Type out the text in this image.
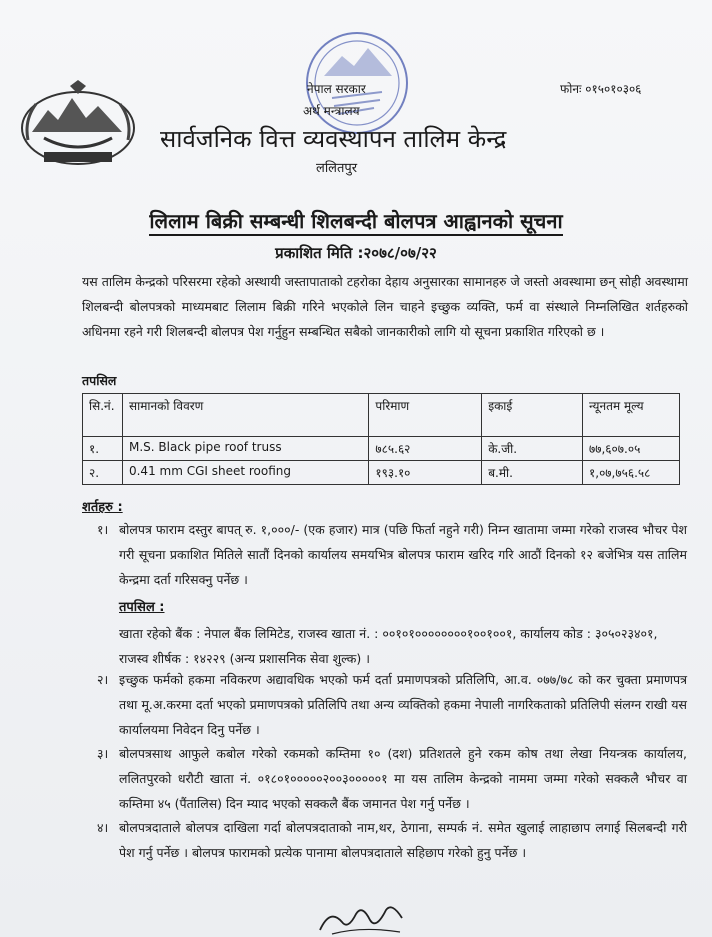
नेपाल सरकार
अर्थ मन्त्रालय
सार्वजनिक वित्त व्यवस्थापन तालिम केन्द्र
ललितपुर
फोनः ०१५०१०३०६
लिलाम बिक्री सम्बन्धी शिलबन्दी बोलपत्र आह्वानको सूचना
प्रकाशित मिति :२०७८/०७/२२
यस तालिम केन्द्रको परिसरमा रहेको अस्थायी जस्तापाताको टहरोका देहाय अनुसारका सामानहरु जे जस्तो अवस्थामा छन् सोही अवस्थामा शिलबन्दी बोलपत्रको माध्यमबाट लिलाम बिक्री गरिने भएकोले लिन चाहने इच्छुक व्यक्ति, फर्म वा संस्थाले निम्नलिखित शर्तहरुको अधिनमा रहने गरी शिलबन्दी बोलपत्र पेश गर्नुहुन सम्बन्धित सबैको जानकारीको लागि यो सूचना प्रकाशित गरिएको छ ।
तपसिल
सि.नं.	सामानको विवरण	परिमाण	इकाई	न्यूनतम मूल्य
१.	M.S. Black pipe roof truss	७८५.६२	के.जी.	७७,६०७.०५
२.	0.41 mm CGI sheet roofing	१९३.१०	ब.मी.	१,०७,७५६.५८
शर्तहरु :
१। बोलपत्र फाराम दस्तुर बापत् रु. १,०००/- (एक हजार) मात्र (पछि फिर्ता नहुने गरी) निम्न खातामा जम्मा गरेको राजस्व भौचर पेश गरी सूचना प्रकाशित मितिले सातौं दिनको कार्यालय समयभित्र बोलपत्र फाराम खरिद गरि आठौं दिनको १२ बजेभित्र यस तालिम केन्द्रमा दर्ता गरिसक्नु पर्नेछ ।
तपसिल :
खाता रहेको बैंक : नेपाल बैंक लिमिटेड, राजस्व खाता नं. : ००१०१००००००००१००१००१, कार्यालय कोड : ३०५०२३४०१, राजस्व शीर्षक : १४२२९ (अन्य प्रशासनिक सेवा शुल्क) ।
२। इच्छुक फर्मको हकमा नविकरण अद्यावधिक भएको फर्म दर्ता प्रमाणपत्रको प्रतिलिपि, आ.व. ०७७/७८ को कर चुक्ता प्रमाणपत्र तथा मू.अ.करमा दर्ता भएको प्रमाणपत्रको प्रतिलिपि तथा अन्य व्यक्तिको हकमा नेपाली नागरिकताको प्रतिलिपी संलग्न राखी यस कार्यालयमा निवेदन दिनु पर्नेछ ।
३। बोलपत्रसाथ आफुले कबोल गरेको रकमको कम्तिमा १० (दश) प्रतिशतले हुने रकम कोष तथा लेखा नियन्त्रक कार्यालय, ललितपुरको धरौटी खाता नं. ०१८०१०००००२००३०००००१ मा यस तालिम केन्द्रको नाममा जम्मा गरेको सक्कलै भौचर वा कम्तिमा ४५ (पैंतालिस) दिन म्याद भएको सक्कलै बैंक जमानत पेश गर्नु पर्नेछ ।
४। बोलपत्रदाताले बोलपत्र दाखिला गर्दा बोलपत्रदाताको नाम,थर, ठेगाना, सम्पर्क नं. समेत खुलाई लाहाछाप लगाई सिलबन्दी गरी पेश गर्नु पर्नेछ । बोलपत्र फारामको प्रत्येक पानामा बोलपत्रदाताले सहिछाप गरेको हुनु पर्नेछ ।
